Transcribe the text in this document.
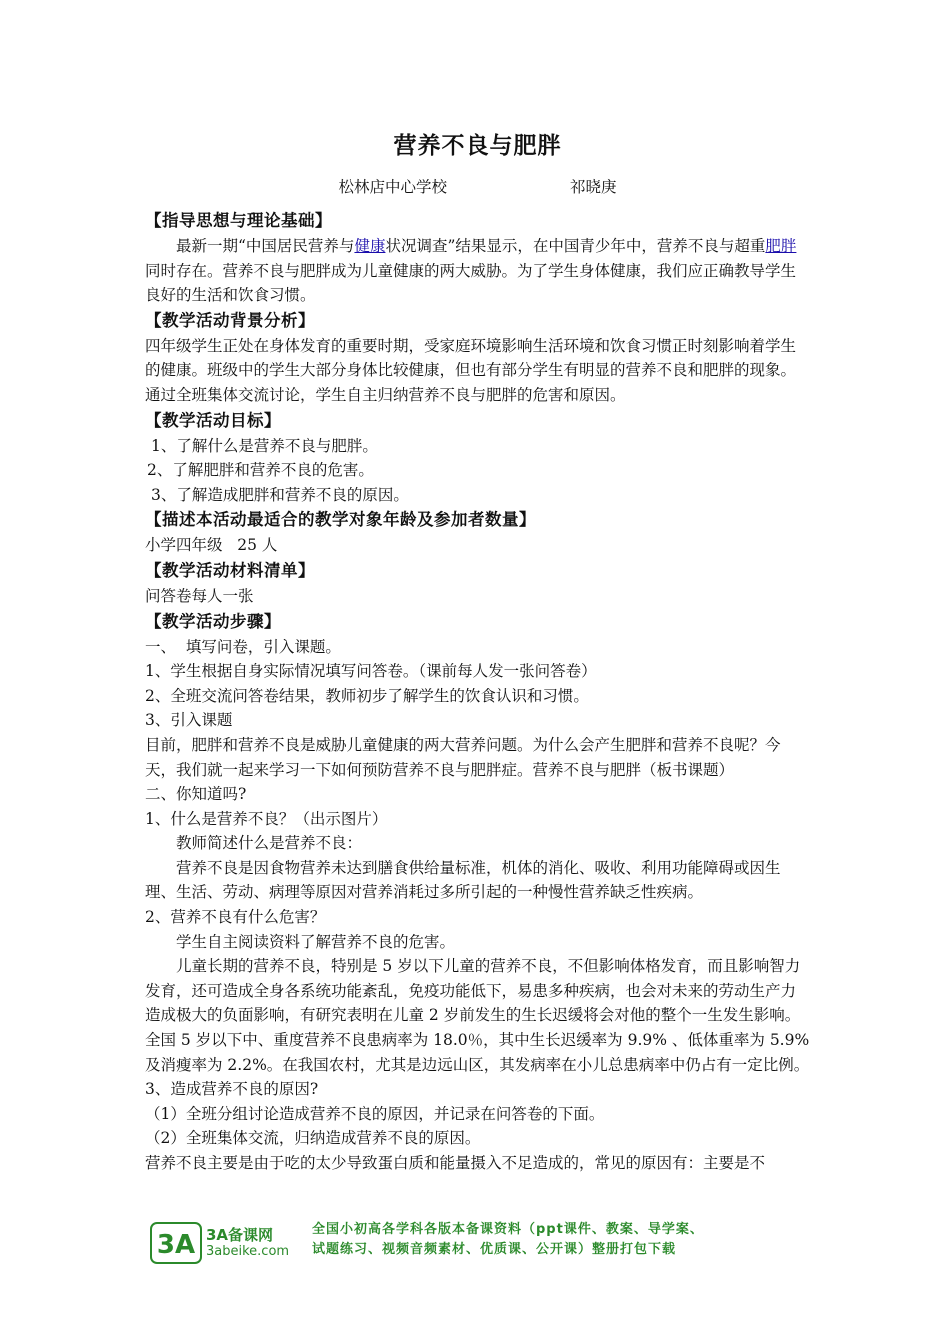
营养不良与肥胖
松林店中心学校	祁晓庚
【指导思想与理论基础】

最新一期“中国居民营养与健康状况调查”结果显示，在中国青少年中，营养不良与超重肥胖同时存在。营养不良与肥胖成为儿童健康的两大威胁。为了学生身体健康，我们应正确教导学生良好的生活和饮食习惯。

【教学活动背景分析】

四年级学生正处在身体发育的重要时期，受家庭环境影响生活环境和饮食习惯正时刻影响着学生的健康。班级中的学生大部分身体比较健康，但也有部分学生有明显的营养不良和肥胖的现象。通过全班集体交流讨论，学生自主归纳营养不良与肥胖的危害和原因。

【教学活动目标】

1、了解什么是营养不良与肥胖。

2、了解肥胖和营养不良的危害。

3、了解造成肥胖和营养不良的原因。

【描述本活动最适合的教学对象年龄及参加者数量】

小学四年级   25 人

【教学活动材料清单】

问答卷每人一张

【教学活动步骤】

一、  填写问卷，引入课题。

1、学生根据自身实际情况填写问答卷。（课前每人发一张问答卷）

2、全班交流问答卷结果，教师初步了解学生的饮食认识和习惯。

3、引入课题

目前，肥胖和营养不良是威胁儿童健康的两大营养问题。为什么会产生肥胖和营养不良呢？今天，我们就一起来学习一下如何预防营养不良与肥胖症。营养不良与肥胖（板书课题）

二、你知道吗?

1、什么是营养不良？（出示图片）

教师简述什么是营养不良：

营养不良是因食物营养未达到膳食供给量标准，机体的消化、吸收、利用功能障碍或因生理、生活、劳动、病理等原因对营养消耗过多所引起的一种慢性营养缺乏性疾病。

2、营养不良有什么危害？

学生自主阅读资料了解营养不良的危害。

儿童长期的营养不良，特别是 5 岁以下儿童的营养不良，不但影响体格发育，而且影响智力发育，还可造成全身各系统功能紊乱，免疫功能低下，易患多种疾病，也会对未来的劳动生产力造成极大的负面影响，有研究表明在儿童 2 岁前发生的生长迟缓将会对他的整个一生发生影响。全国 5 岁以下中、重度营养不良患病率为 18.0％，其中生长迟缓率为 9.9% 、低体重率为 5.9%及消瘦率为 2.2%。在我国农村，尤其是边远山区，其发病率在小儿总患病率中仍占有一定比例。

3、造成营养不良的原因?

（1）全班分组讨论造成营养不良的原因，并记录在问答卷的下面。

（2）全班集体交流，归纳造成营养不良的原因。

营养不良主要是由于吃的太少导致蛋白质和能量摄入不足造成的，常见的原因有：主要是不

3A 3A备课网
3abeike.com
全国小初高各学科各版本备课资料（ppt课件、教案、导学案、
试题练习、视频音频素材、优质课、公开课）整册打包下载
